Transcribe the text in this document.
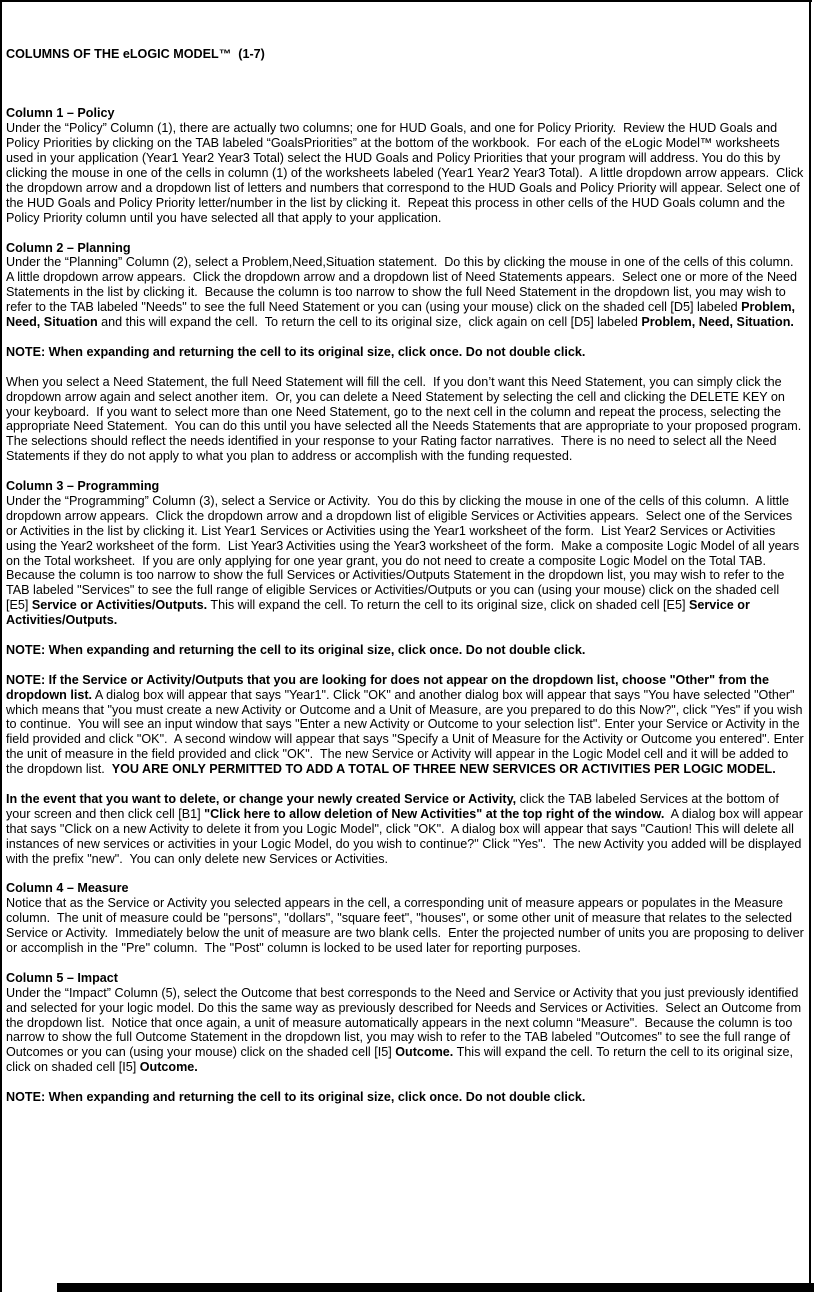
COLUMNS OF THE eLOGIC MODEL™  (1-7)

Column 1 – Policy

Under the “Policy” Column (1), there are actually two columns; one for HUD Goals, and one for Policy Priority.  Review the HUD Goals and Policy Priorities by clicking on the TAB labeled “GoalsPriorities” at the bottom of the workbook.  For each of the eLogic Model™ worksheets used in your application (Year1 Year2 Year3 Total) select the HUD Goals and Policy Priorities that your program will address. You do this by clicking the mouse in one of the cells in column (1) of the worksheets labeled (Year1 Year2 Year3 Total).  A little dropdown arrow appears.  Click the dropdown arrow and a dropdown list of letters and numbers that correspond to the HUD Goals and Policy Priority will appear. Select one of the HUD Goals and Policy Priority letter/number in the list by clicking it.  Repeat this process in other cells of the HUD Goals column and the Policy Priority column until you have selected all that apply to your application.

Column 2 – Planning

Under the “Planning” Column (2), select a Problem,Need,Situation statement.  Do this by clicking the mouse in one of the cells of this column.  A little dropdown arrow appears.  Click the dropdown arrow and a dropdown list of Need Statements appears.  Select one or more of the Need Statements in the list by clicking it.  Because the column is too narrow to show the full Need Statement in the dropdown list, you may wish to refer to the TAB labeled "Needs" to see the full Need Statement or you can (using your mouse) click on the shaded cell [D5] labeled Problem, Need, Situation and this will expand the cell.  To return the cell to its original size,  click again on cell [D5] labeled Problem, Need, Situation.

NOTE: When expanding and returning the cell to its original size, click once. Do not double click.

When you select a Need Statement, the full Need Statement will fill the cell.  If you don’t want this Need Statement, you can simply click the dropdown arrow again and select another item.  Or, you can delete a Need Statement by selecting the cell and clicking the DELETE KEY on your keyboard.  If you want to select more than one Need Statement, go to the next cell in the column and repeat the process, selecting the appropriate Need Statement.  You can do this until you have selected all the Needs Statements that are appropriate to your proposed program.  The selections should reflect the needs identified in your response to your Rating factor narratives.  There is no need to select all the Need Statements if they do not apply to what you plan to address or accomplish with the funding requested.

Column 3 – Programming

Under the “Programming” Column (3), select a Service or Activity.  You do this by clicking the mouse in one of the cells of this column.  A little dropdown arrow appears.  Click the dropdown arrow and a dropdown list of eligible Services or Activities appears.  Select one of the Services or Activities in the list by clicking it. List Year1 Services or Activities using the Year1 worksheet of the form.  List Year2 Services or Activities using the Year2 worksheet of the form.  List Year3 Activities using the Year3 worksheet of the form.  Make a composite Logic Model of all years on the Total worksheet.  If you are only applying for one year grant, you do not need to create a composite Logic Model on the Total TAB.  Because the column is too narrow to show the full Services or Activities/Outputs Statement in the dropdown list, you may wish to refer to the TAB labeled "Services" to see the full range of eligible Services or Activities/Outputs or you can (using your mouse) click on the shaded cell [E5] Service or Activities/Outputs. This will expand the cell. To return the cell to its original size, click on shaded cell [E5] Service or Activities/Outputs.

NOTE: When expanding and returning the cell to its original size, click once. Do not double click.

NOTE: If the Service or Activity/Outputs that you are looking for does not appear on the dropdown list, choose "Other" from the dropdown list. A dialog box will appear that says "Year1". Click "OK" and another dialog box will appear that says "You have selected "Other" which means that "you must create a new Activity or Outcome and a Unit of Measure, are you prepared to do this Now?", click "Yes" if you wish to continue.  You will see an input window that says "Enter a new Activity or Outcome to your selection list". Enter your Service or Activity in the field provided and click "OK".  A second window will appear that says "Specify a Unit of Measure for the Activity or Outcome you entered". Enter the unit of measure in the field provided and click "OK".  The new Service or Activity will appear in the Logic Model cell and it will be added to the dropdown list.  YOU ARE ONLY PERMITTED TO ADD A TOTAL OF THREE NEW SERVICES OR ACTIVITIES PER LOGIC MODEL.

In the event that you want to delete, or change your newly created Service or Activity, click the TAB labeled Services at the bottom of your screen and then click cell [B1] "Click here to allow deletion of New Activities" at the top right of the window.  A dialog box will appear that says "Click on a new Activity to delete it from you Logic Model", click "OK".  A dialog box will appear that says "Caution! This will delete all instances of new services or activities in your Logic Model, do you wish to continue?" Click "Yes".  The new Activity you added will be displayed with the prefix "new".  You can only delete new Services or Activities.

Column 4 – Measure

Notice that as the Service or Activity you selected appears in the cell, a corresponding unit of measure appears or populates in the Measure column.  The unit of measure could be "persons", "dollars", "square feet", "houses", or some other unit of measure that relates to the selected Service or Activity.  Immediately below the unit of measure are two blank cells.  Enter the projected number of units you are proposing to deliver or accomplish in the "Pre" column.  The "Post" column is locked to be used later for reporting purposes.

Column 5 – Impact

Under the “Impact” Column (5), select the Outcome that best corresponds to the Need and Service or Activity that you just previously identified and selected for your logic model. Do this the same way as previously described for Needs and Services or Activities.  Select an Outcome from the dropdown list.  Notice that once again, a unit of measure automatically appears in the next column “Measure".  Because the column is too narrow to show the full Outcome Statement in the dropdown list, you may wish to refer to the TAB labeled "Outcomes" to see the full range of Outcomes or you can (using your mouse) click on the shaded cell [I5] Outcome. This will expand the cell. To return the cell to its original size, click on shaded cell [I5] Outcome.

NOTE: When expanding and returning the cell to its original size, click once. Do not double click.
